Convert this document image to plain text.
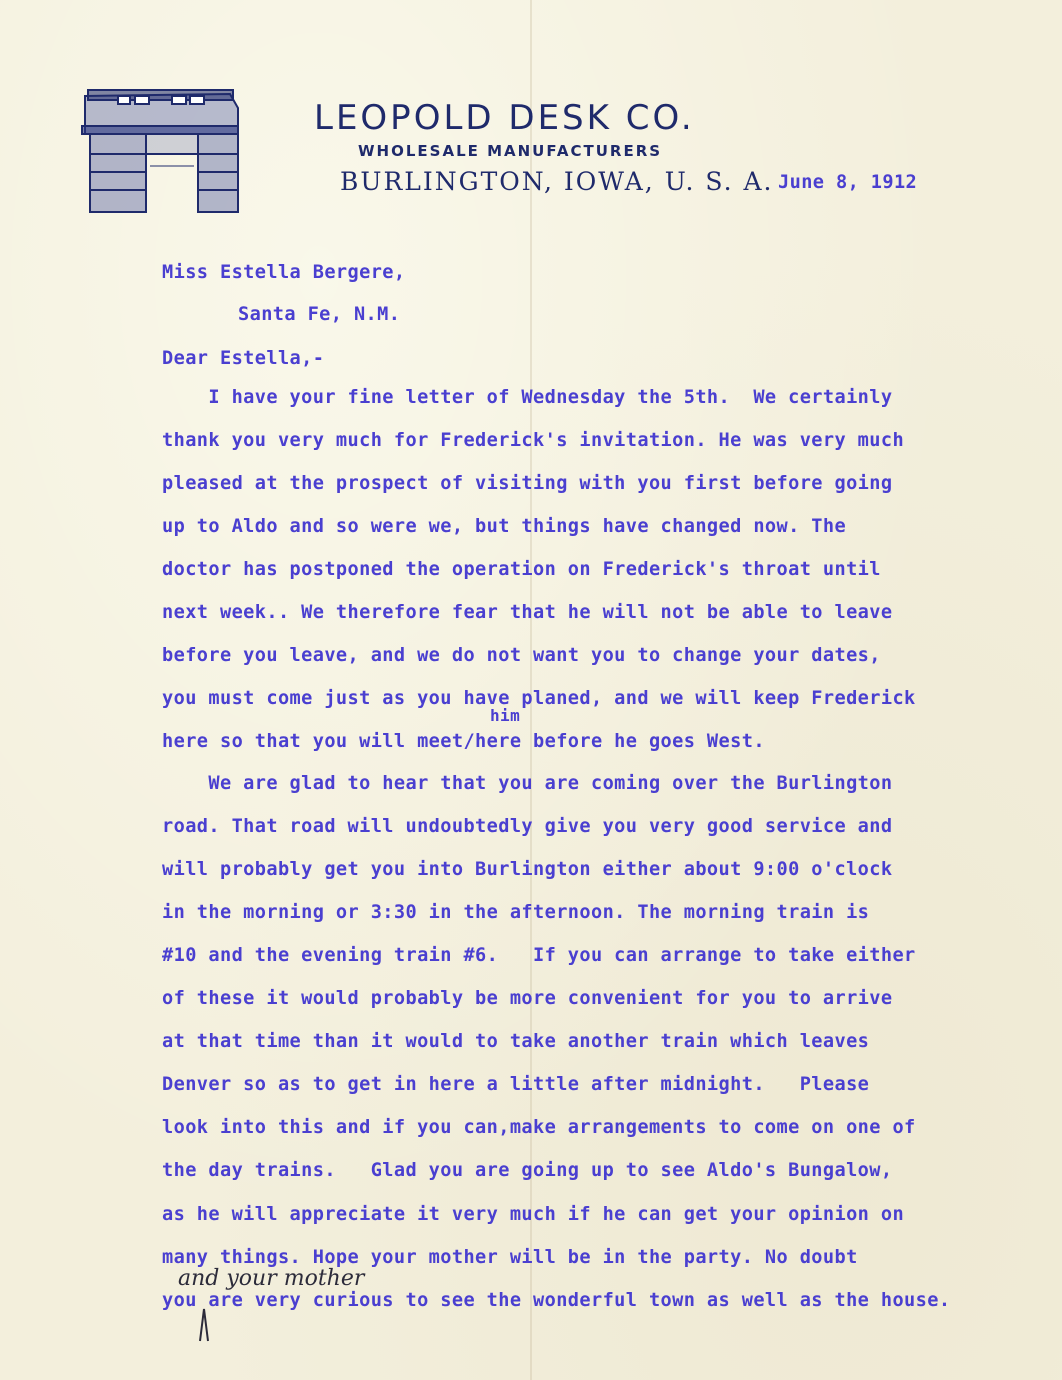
LEOPOLD DESK CO.
WHOLESALE MANUFACTURERS
BURLINGTON, IOWA, U. S. A. June 8, 1912
Miss Estella Bergere,
Santa Fe, N.M.
Dear Estella,-
I have your fine letter of Wednesday the 5th.  We certainly
thank you very much for Frederick's invitation. He was very much
pleased at the prospect of visiting with you first before going
up to Aldo and so were we, but things have changed now. The
doctor has postponed the operation on Frederick's throat until
next week.. We therefore fear that he will not be able to leave
before you leave, and we do not want you to change your dates,
you must come just as you have planed, and we will keep Frederick
him
here so that you will meet/here before he goes West.
We are glad to hear that you are coming over the Burlington
road. That road will undoubtedly give you very good service and
will probably get you into Burlington either about 9:00 o'clock
in the morning or 3:30 in the afternoon. The morning train is
#10 and the evening train #6.   If you can arrange to take either
of these it would probably be more convenient for you to arrive
at that time than it would to take another train which leaves
Denver so as to get in here a little after midnight.   Please
look into this and if you can,make arrangements to come on one of
the day trains.   Glad you are going up to see Aldo's Bungalow,
as he will appreciate it very much if he can get your opinion on
many things. Hope your mother will be in the party. No doubt
and your mother
you are very curious to see the wonderful town as well as the house.
